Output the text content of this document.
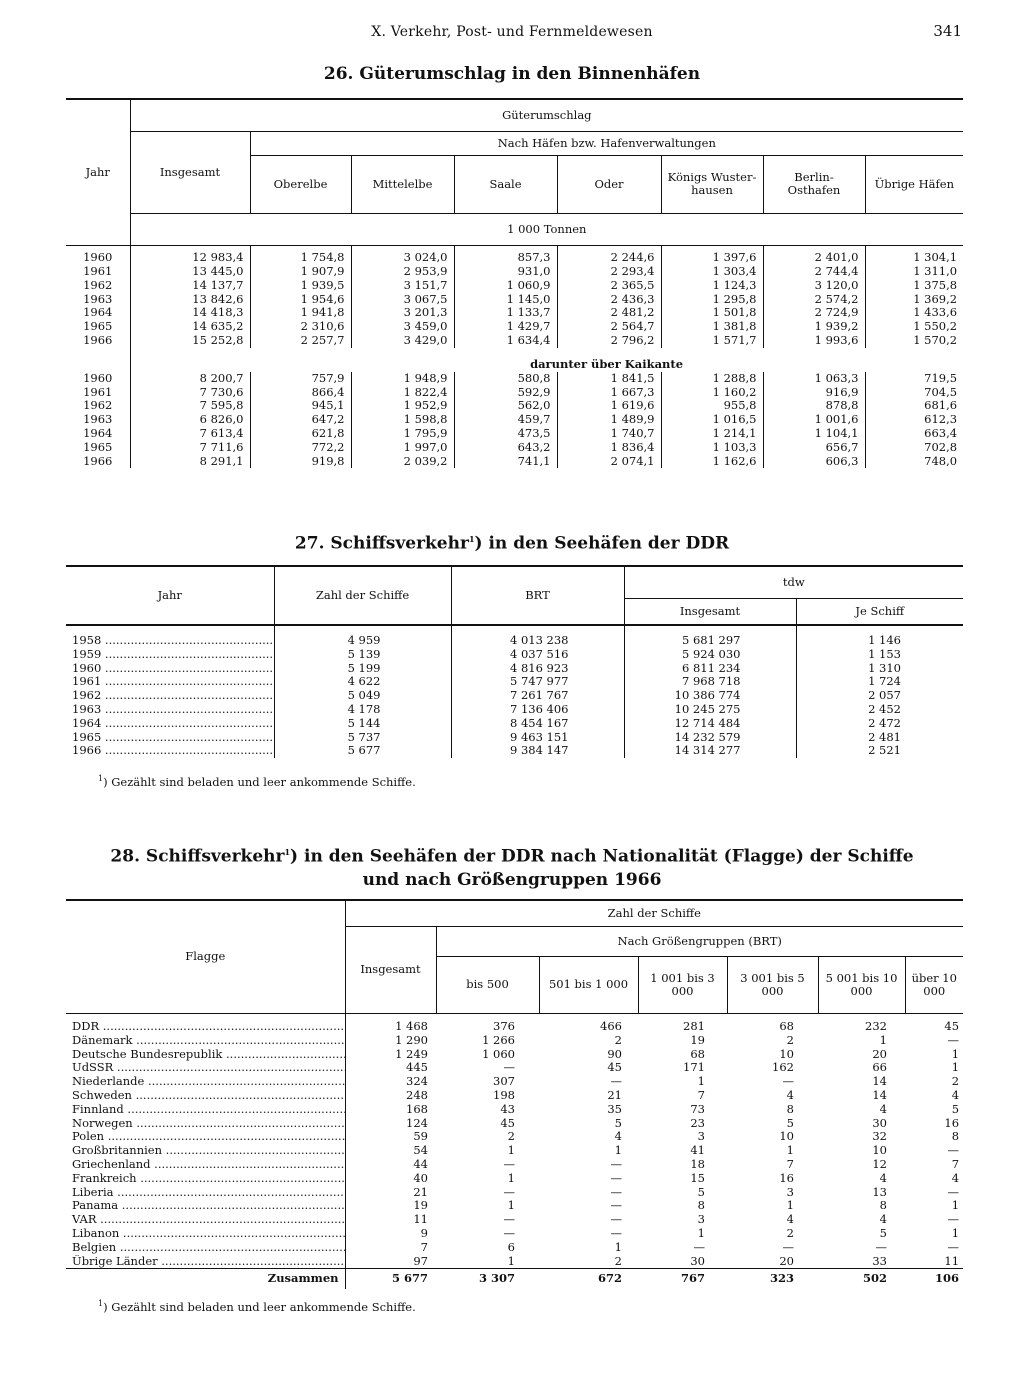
X. Verkehr, Post- und Fernmeldewesen	341
26. Güterumschlag in den Binnenhäfen
Jahr	Güterumschlag							
	Insgesamt	Nach Häfen bzw. Hafenverwaltungen						
		Oberelbe	Mittelelbe	Saale	Oder	Königs Wuster-hausen	Berlin-Osthafen	Übrige Häfen
	1 000 Tonnen							
1960	12 983,4	1 754,8	3 024,0	857,3	2 244,6	1 397,6	2 401,0	1 304,1
1961	13 445,0	1 907,9	2 953,9	931,0	2 293,4	1 303,4	2 744,4	1 311,0
1962	14 137,7	1 939,5	3 151,7	1 060,9	2 365,5	1 124,3	3 120,0	1 375,8
1963	13 842,6	1 954,6	3 067,5	1 145,0	2 436,3	1 295,8	2 574,2	1 369,2
1964	14 418,3	1 941,8	3 201,3	1 133,7	2 481,2	1 501,8	2 724,9	1 433,6
1965	14 635,2	2 310,6	3 459,0	1 429,7	2 564,7	1 381,8	1 939,2	1 550,2
1966	15 252,8	2 257,7	3 429,0	1 634,4	2 796,2	1 571,7	1 993,6	1 570,2
		darunter über Kaikante						
1960	8 200,7	757,9	1 948,9	580,8	1 841,5	1 288,8	1 063,3	719,5
1961	7 730,6	866,4	1 822,4	592,9	1 667,3	1 160,2	916,9	704,5
1962	7 595,8	945,1	1 952,9	562,0	1 619,6	955,8	878,8	681,6
1963	6 826,0	647,2	1 598,8	459,7	1 489,9	1 016,5	1 001,6	612,3
1964	7 613,4	621,8	1 795,9	473,5	1 740,7	1 214,1	1 104,1	663,4
1965	7 711,6	772,2	1 997,0	643,2	1 836,4	1 103,3	656,7	702,8
1966	8 291,1	919,8	2 039,2	741,1	2 074,1	1 162,6	606,3	748,0
27. Schiffsverkehr$^1$) in den Seehäfen der DDR
Jahr	Zahl der Schiffe	BRT	tdw	
			Insgesamt	Je Schiff

1958 .....	4 959	4 013 238	5 681 297	1 146
1959 .....	5 139	4 037 516	5 924 030	1 153
1960 .....	5 199	4 816 923	6 811 234	1 310
1961 .....	4 622	5 747 977	7 968 718	1 724
1962 .....	5 049	7 261 767	10 386 774	2 057
1963 .....	4 178	7 136 406	10 245 275	2 452
1964 .....	5 144	8 454 167	12 714 484	2 472
1965 .....	5 737	9 463 151	14 232 579	2 481
1966 .....	5 677	9 384 147	14 314 277	2 521
$^1$) Gezählt sind beladen und leer ankommende Schiffe.
28. Schiffsverkehr$^1$) in den Seehäfen der DDR nach Nationalität (Flagge) der Schiffe
und nach Größengruppen 1966
Flagge	Zahl der Schiffe						
	Insgesamt	Nach Größengruppen (BRT)					
		bis 500	501 bis 1 000	1 001 bis 3 000	3 001 bis 5 000	5 001 bis 10 000	über 10 000

DDR .....	1 468	376	466	281	68	232	45
Dänemark .....	1 290	1 266	2	19	2	1	—
Deutsche Bundesrepublik .....	1 249	1 060	90	68	10	20	1
UdSSR .....	445	—	45	171	162	66	1
Niederlande .....	324	307	—	1	—	14	2
Schweden .....	248	198	21	7	4	14	4
Finnland .....	168	43	35	73	8	4	5
Norwegen .....	124	45	5	23	5	30	16
Polen .....	59	2	4	3	10	32	8
Großbritannien .....	54	1	1	41	1	10	—
Griechenland .....	44	—	—	18	7	12	7
Frankreich .....	40	1	—	15	16	4	4
Liberia .....	21	—	—	5	3	13	—
Panama .....	19	1	—	8	1	8	1
VAR .....	11	—	—	3	4	4	—
Libanon .....	9	—	—	1	2	5	1
Belgien .....	7	6	1	—	—	—	—
Übrige Länder .....	97	1	2	30	20	33	11
Zusammen	5 677	3 307	672	767	323	502	106
$^1$) Gezählt sind beladen und leer ankommende Schiffe.
